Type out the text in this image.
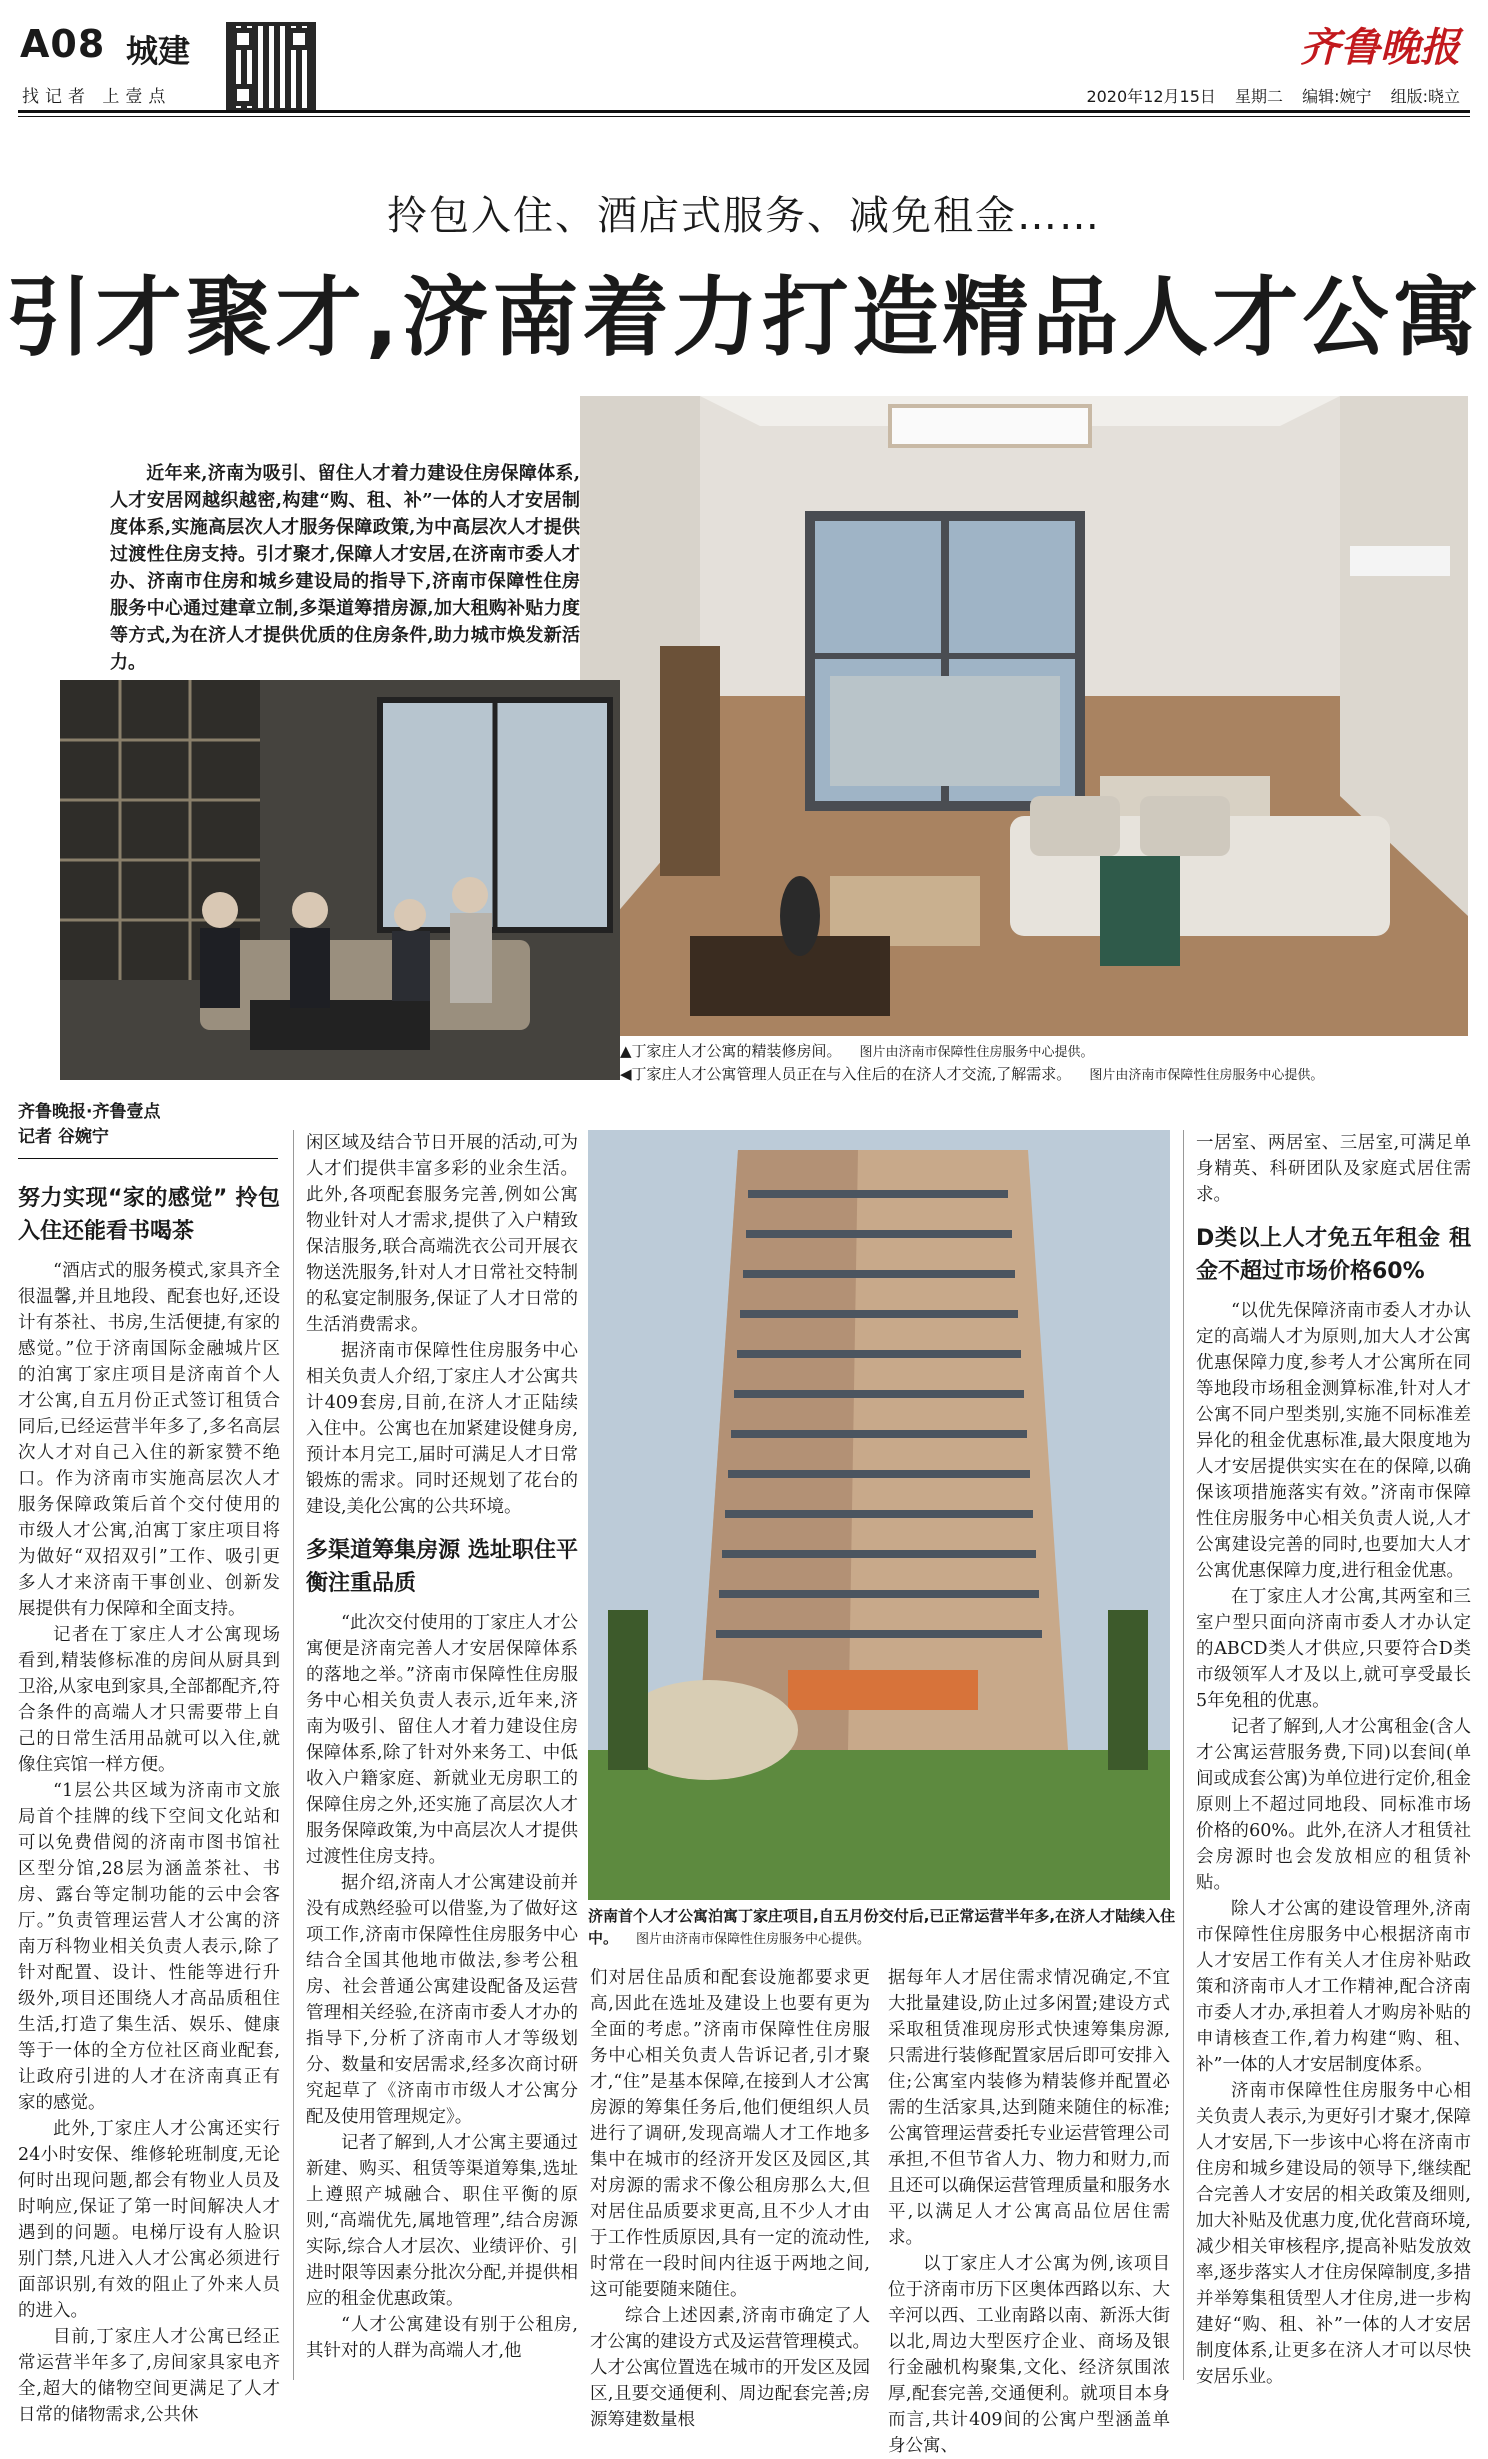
A08 城建
找记者 上壹点
齐鲁晚报
2020年12月15日 星期二 编辑:婉宁 组版:晓立
拎包入住、酒店式服务、减免租金……
引才聚才,济南着力打造精品人才公寓
近年来,济南为吸引、留住人才着力建设住房保障体系,人才安居网越织越密,构建“购、租、补”一体的人才安居制度体系,实施高层次人才服务保障政策,为中高层次人才提供过渡性住房支持。引才聚才,保障人才安居,在济南市委人才办、济南市住房和城乡建设局的指导下,济南市保障性住房服务中心通过建章立制,多渠道筹措房源,加大租购补贴力度等方式,为在济人才提供优质的住房条件,助力城市焕发新活力。
▲丁家庄人才公寓的精装修房间。 图片由济南市保障性住房服务中心提供。
◀丁家庄人才公寓管理人员正在与入住后的在济人才交流,了解需求。 图片由济南市保障性住房服务中心提供。
济南首个人才公寓泊寓丁家庄项目,自五月份交付后,已正常运营半年多,在济人才陆续入住中。 图片由济南市保障性住房服务中心提供。
齐鲁晚报·齐鲁壹点
记者 谷婉宁
努力实现“家的感觉” 拎包入住还能看书喝茶

“酒店式的服务模式,家具齐全很温馨,并且地段、配套也好,还设计有茶社、书房,生活便捷,有家的感觉。”位于济南国际金融城片区的泊寓丁家庄项目是济南首个人才公寓,自五月份正式签订租赁合同后,已经运营半年多了,多名高层次人才对自己入住的新家赞不绝口。作为济南市实施高层次人才服务保障政策后首个交付使用的市级人才公寓,泊寓丁家庄项目将为做好“双招双引”工作、吸引更多人才来济南干事创业、创新发展提供有力保障和全面支持。

记者在丁家庄人才公寓现场看到,精装修标准的房间从厨具到卫浴,从家电到家具,全部都配齐,符合条件的高端人才只需要带上自己的日常生活用品就可以入住,就像住宾馆一样方便。

“1层公共区域为济南市文旅局首个挂牌的线下空间文化站和可以免费借阅的济南市图书馆社区型分馆,28层为涵盖茶社、书房、露台等定制功能的云中会客厅。”负责管理运营人才公寓的济南万科物业相关负责人表示,除了针对配置、设计、性能等进行升级外,项目还围绕人才高品质租住生活,打造了集生活、娱乐、健康等于一体的全方位社区商业配套,让政府引进的人才在济南真正有家的感觉。

此外,丁家庄人才公寓还实行24小时安保、维修轮班制度,无论何时出现问题,都会有物业人员及时响应,保证了第一时间解决人才遇到的问题。电梯厅设有人脸识别门禁,凡进入人才公寓必须进行面部识别,有效的阻止了外来人员的进入。

目前,丁家庄人才公寓已经正常运营半年多了,房间家具家电齐全,超大的储物空间更满足了人才日常的储物需求,公共休

闲区域及结合节日开展的活动,可为人才们提供丰富多彩的业余生活。此外,各项配套服务完善,例如公寓物业针对人才需求,提供了入户精致保洁服务,联合高端洗衣公司开展衣物送洗服务,针对人才日常社交特制的私宴定制服务,保证了人才日常的生活消费需求。

据济南市保障性住房服务中心相关负责人介绍,丁家庄人才公寓共计409套房,目前,在济人才正陆续入住中。公寓也在加紧建设健身房,预计本月完工,届时可满足人才日常锻炼的需求。同时还规划了花台的建设,美化公寓的公共环境。

多渠道筹集房源 选址职住平衡注重品质

“此次交付使用的丁家庄人才公寓便是济南完善人才安居保障体系的落地之举。”济南市保障性住房服务中心相关负责人表示,近年来,济南为吸引、留住人才着力建设住房保障体系,除了针对外来务工、中低收入户籍家庭、新就业无房职工的保障住房之外,还实施了高层次人才服务保障政策,为中高层次人才提供过渡性住房支持。

据介绍,济南人才公寓建设前并没有成熟经验可以借鉴,为了做好这项工作,济南市保障性住房服务中心结合全国其他地市做法,参考公租房、社会普通公寓建设配备及运营管理相关经验,在济南市委人才办的指导下,分析了济南市人才等级划分、数量和安居需求,经多次商讨研究起草了《济南市市级人才公寓分配及使用管理规定》。

记者了解到,人才公寓主要通过新建、购买、租赁等渠道筹集,选址上遵照产城融合、职住平衡的原则,“高端优先,属地管理”,结合房源实际,综合人才层次、业绩评价、引进时限等因素分批次分配,并提供相应的租金优惠政策。

“人才公寓建设有别于公租房,其针对的人群为高端人才,他

们对居住品质和配套设施都要求更高,因此在选址及建设上也要有更为全面的考虑。”济南市保障性住房服务中心相关负责人告诉记者,引才聚才,“住”是基本保障,在接到人才公寓房源的筹集任务后,他们便组织人员进行了调研,发现高端人才工作地多集中在城市的经济开发区及园区,其对房源的需求不像公租房那么大,但对居住品质要求更高,且不少人才由于工作性质原因,具有一定的流动性,时常在一段时间内往返于两地之间,这可能要随来随住。

综合上述因素,济南市确定了人才公寓的建设方式及运营管理模式。人才公寓位置选在城市的开发区及园区,且要交通便利、周边配套完善;房源筹建数量根

据每年人才居住需求情况确定,不宜大批量建设,防止过多闲置;建设方式采取租赁准现房形式快速筹集房源,只需进行装修配置家居后即可安排入住;公寓室内装修为精装修并配置必需的生活家具,达到随来随住的标准;公寓管理运营委托专业运营管理公司承担,不但节省人力、物力和财力,而且还可以确保运营管理质量和服务水平,以满足人才公寓高品位居住需求。

以丁家庄人才公寓为例,该项目位于济南市历下区奥体西路以东、大辛河以西、工业南路以南、新泺大街以北,周边大型医疗企业、商场及银行金融机构聚集,文化、经济氛围浓厚,配套完善,交通便利。就项目本身而言,共计409间的公寓户型涵盖单身公寓、

一居室、两居室、三居室,可满足单身精英、科研团队及家庭式居住需求。

D类以上人才免五年租金 租金不超过市场价格60%

“以优先保障济南市委人才办认定的高端人才为原则,加大人才公寓优惠保障力度,参考人才公寓所在同等地段市场租金测算标准,针对人才公寓不同户型类别,实施不同标准差异化的租金优惠标准,最大限度地为人才安居提供实实在在的保障,以确保该项措施落实有效。”济南市保障性住房服务中心相关负责人说,人才公寓建设完善的同时,也要加大人才公寓优惠保障力度,进行租金优惠。

在丁家庄人才公寓,其两室和三室户型只面向济南市委人才办认定的ABCD类人才供应,只要符合D类市级领军人才及以上,就可享受最长5年免租的优惠。

记者了解到,人才公寓租金(含人才公寓运营服务费,下同)以套间(单间或成套公寓)为单位进行定价,租金原则上不超过同地段、同标准市场价格的60%。此外,在济人才租赁社会房源时也会发放相应的租赁补贴。

除人才公寓的建设管理外,济南市保障性住房服务中心根据济南市人才安居工作有关人才住房补贴政策和济南市人才工作精神,配合济南市委人才办,承担着人才购房补贴的申请核查工作,着力构建“购、租、补”一体的人才安居制度体系。

济南市保障性住房服务中心相关负责人表示,为更好引才聚才,保障人才安居,下一步该中心将在济南市住房和城乡建设局的领导下,继续配合完善人才安居的相关政策及细则,加大补贴及优惠力度,优化营商环境,减少相关审核程序,提高补贴发放效率,逐步落实人才住房保障制度,多措并举筹集租赁型人才住房,进一步构建好“购、租、补”一体的人才安居制度体系,让更多在济人才可以尽快安居乐业。
